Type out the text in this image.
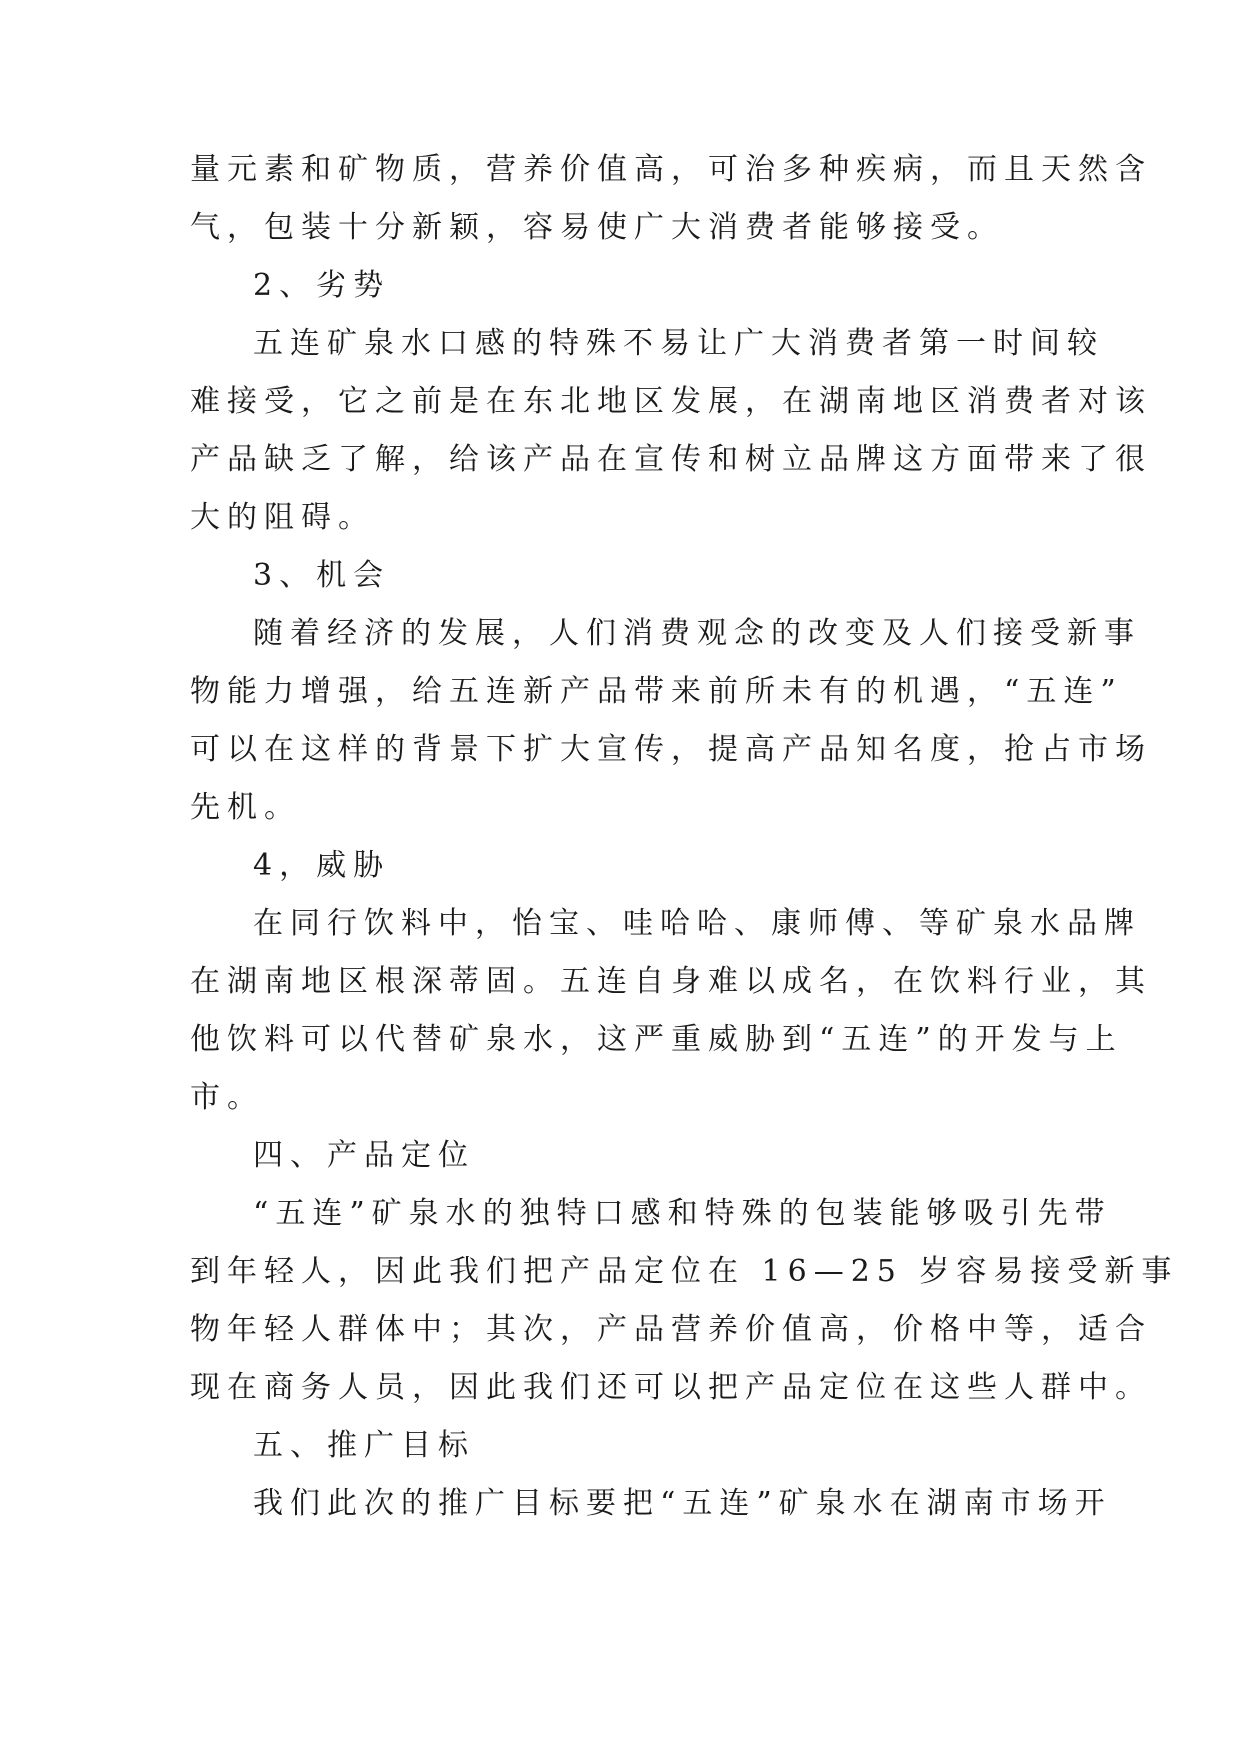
量元素和矿物质，营养价值高，可治多种疾病，而且天然含
气，包装十分新颖，容易使广大消费者能够接受。
2、劣势
五连矿泉水口感的特殊不易让广大消费者第一时间较
难接受，它之前是在东北地区发展，在湖南地区消费者对该
产品缺乏了解，给该产品在宣传和树立品牌这方面带来了很
大的阻碍。
3、机会
随着经济的发展，人们消费观念的改变及人们接受新事
物能力增强，给五连新产品带来前所未有的机遇，“五连”
可以在这样的背景下扩大宣传，提高产品知名度，抢占市场
先机。
4，威胁
在同行饮料中，怡宝、哇哈哈、康师傅、等矿泉水品牌
在湖南地区根深蒂固。五连自身难以成名，在饮料行业，其
他饮料可以代替矿泉水，这严重威胁到“五连”的开发与上
市。
四、产品定位
“五连”矿泉水的独特口感和特殊的包装能够吸引先带
到年轻人，因此我们把产品定位在 16—25 岁容易接受新事
物年轻人群体中；其次，产品营养价值高，价格中等，适合
现在商务人员，因此我们还可以把产品定位在这些人群中。
五、推广目标
我们此次的推广目标要把“五连”矿泉水在湖南市场开
